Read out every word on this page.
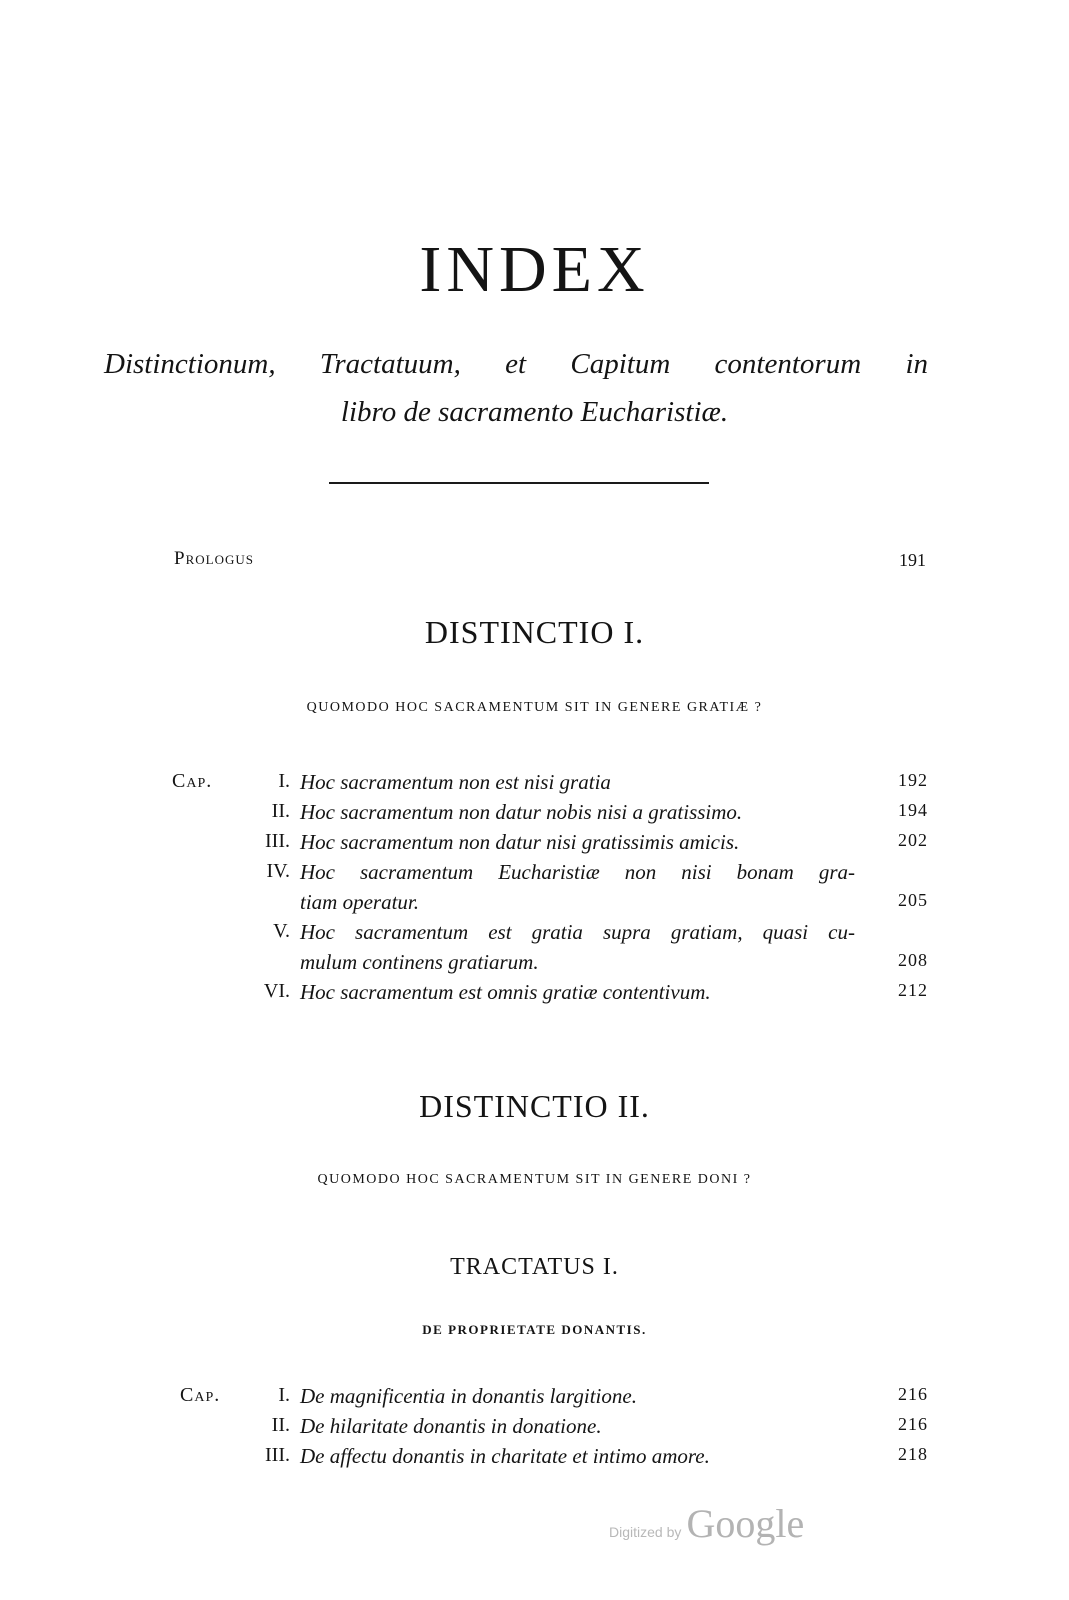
INDEX
Distinctionum, Tractatuum, et Capitum contentorum in
libro de sacramento Eucharistiæ.
Prologus	191
DISTINCTIO I.
QUOMODO HOC SACRAMENTUM SIT IN GENERE GRATIÆ ?
Cap.	I. Hoc sacramentum non est nisi gratia	192
II. Hoc sacramentum non datur nobis nisi a gratissimo.	194
III. Hoc sacramentum non datur nisi gratissimis amicis.	202
IV. Hoc sacramentum Eucharistiæ non nisi bonam gra-
tiam operatur.	205
V. Hoc sacramentum est gratia supra gratiam, quasi cu-
mulum continens gratiarum.	208
VI. Hoc sacramentum est omnis gratiæ contentivum.	212
DISTINCTIO II.
QUOMODO HOC SACRAMENTUM SIT IN GENERE DONI ?
TRACTATUS I.
DE PROPRIETATE DONANTIS.
Cap.	I. De magnificentia in donantis largitione.	216
II. De hilaritate donantis in donatione.	216
III. De affectu donantis in charitate et intimo amore.	218
Digitized by Google
